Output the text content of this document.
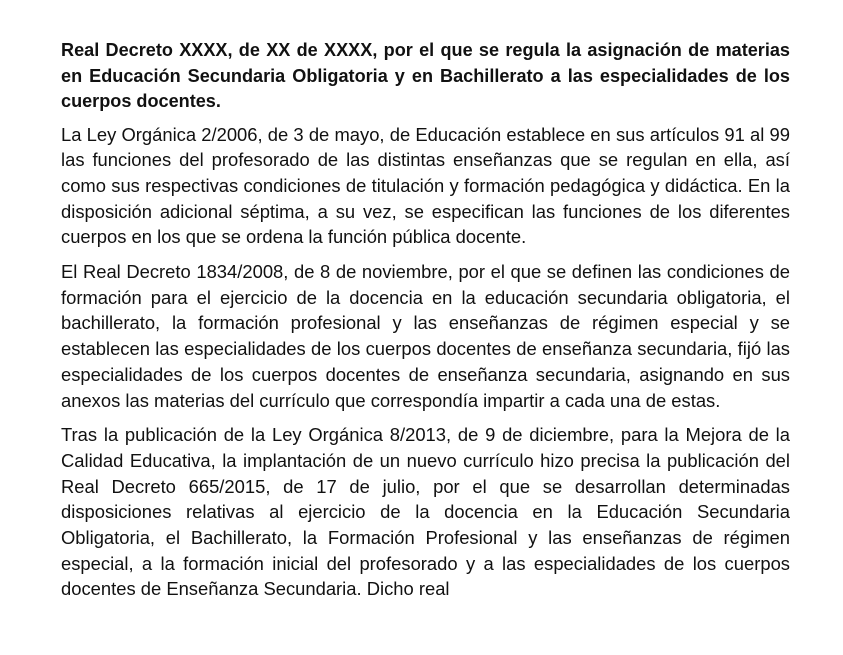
Real Decreto XXXX, de XX de XXXX, por el que se regula la asignación de materias en Educación Secundaria Obligatoria y en Bachillerato a las especialidades de los cuerpos docentes.

La Ley Orgánica 2/2006, de 3 de mayo, de Educación establece en sus artículos 91 al 99 las funciones del profesorado de las distintas enseñanzas que se regulan en ella, así como sus respectivas condiciones de titulación y formación pedagógica y didáctica. En la disposición adicional séptima, a su vez, se especifican las funciones de los diferentes cuerpos en los que se ordena la función pública docente.

El Real Decreto 1834/2008, de 8 de noviembre, por el que se definen las condiciones de formación para el ejercicio de la docencia en la educación secundaria obligatoria, el bachillerato, la formación profesional y las enseñanzas de régimen especial y se establecen las especialidades de los cuerpos docentes de enseñanza secundaria, fijó las especialidades de los cuerpos docentes de enseñanza secundaria, asignando en sus anexos las materias del currículo que correspondía impartir a cada una de estas.

Tras la publicación de la Ley Orgánica 8/2013, de 9 de diciembre, para la Mejora de la Calidad Educativa, la implantación de un nuevo currículo hizo precisa la publicación del Real Decreto 665/2015, de 17 de julio, por el que se desarrollan determinadas disposiciones relativas al ejercicio de la docencia en la Educación Secundaria Obligatoria, el Bachillerato, la Formación Profesional y las enseñanzas de régimen especial, a la formación inicial del profesorado y a las especialidades de los cuerpos docentes de Enseñanza Secundaria. Dicho real
